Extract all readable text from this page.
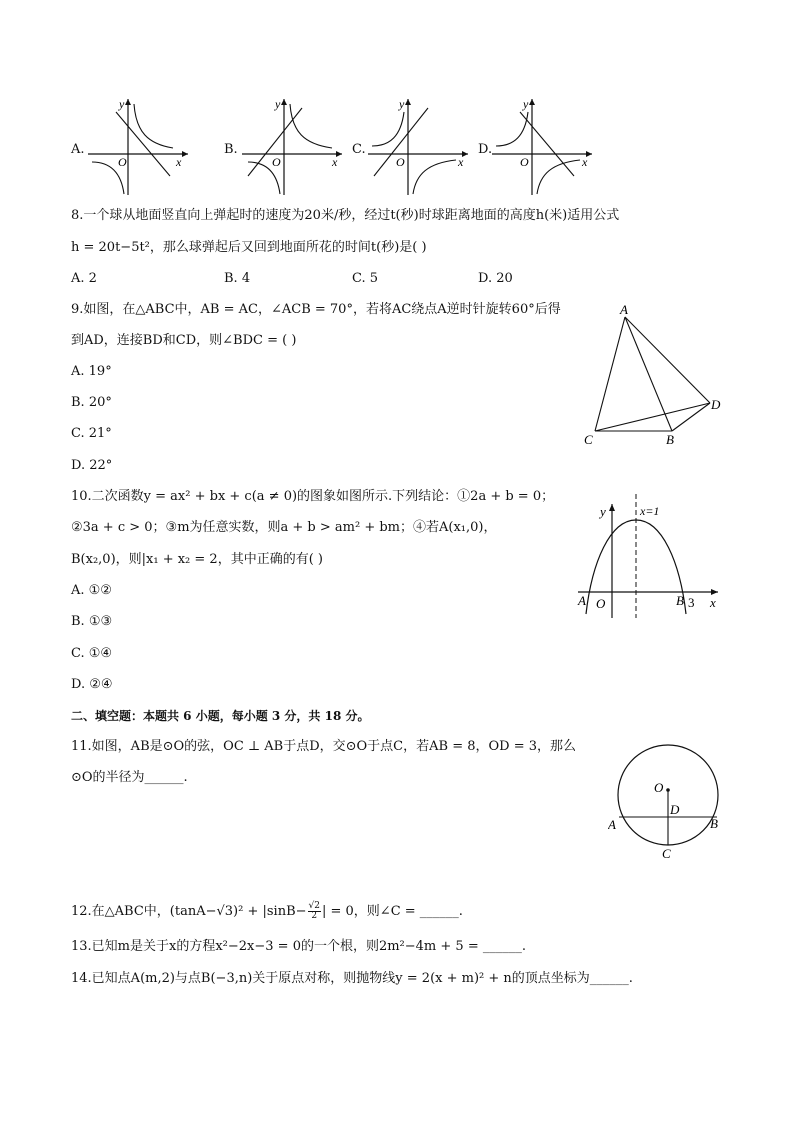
A.
y
x
O
B.
y
x
O
C.
y
x
O
D.
y
x
O
8.一个球从地面竖直向上弹起时的速度为20米/秒，经过t(秒)时球距离地面的高度h(米)适用公式
h = 20t−5t²，那么球弹起后又回到地面所花的时间t(秒)是( )
A. 2	B. 4	C. 5	D. 20
9.如图，在△ABC中，AB = AC，∠ACB = 70°，若将AC绕点A逆时针旋转60°后得
到AD，连接BD和CD，则∠BDC = ( )
A. 19°
B. 20°
C. 21°
D. 22°
A
C	B
D
10.二次函数y = ax² + bx + c(a ≠ 0)的图象如图所示.下列结论：①2a + b = 0；
②3a + c > 0；③m为任意实数，则a + b > am² + bm；④若A(x₁,0)，
B(x₂,0)，则|x₁ + x₂ = 2，其中正确的有( )
A. ①②
B. ①③
C. ①④
D. ②④
x=1
y
x
A O	B 3
二、填空题：本题共 6 小题，每小题 3 分，共 18 分。
11.如图，AB是⊙O的弦，OC ⊥ AB于点D，交⊙O于点C，若AB = 8，OD = 3，那么
⊙O的半径为______.
O
D
A	B
C
12.在△ABC中，$(\tan A-√3)^2 + |\sin B- \frac{√2}{2}$ | = 0，则∠C = ______.
13.已知m是关于x的方程x²−2x−3 = 0的一个根，则2m²−4m + 5 = ______.
14.已知点A(m,2)与点B(−3,n)关于原点对称，则抛物线y = 2(x + m)² + n的顶点坐标为______.
